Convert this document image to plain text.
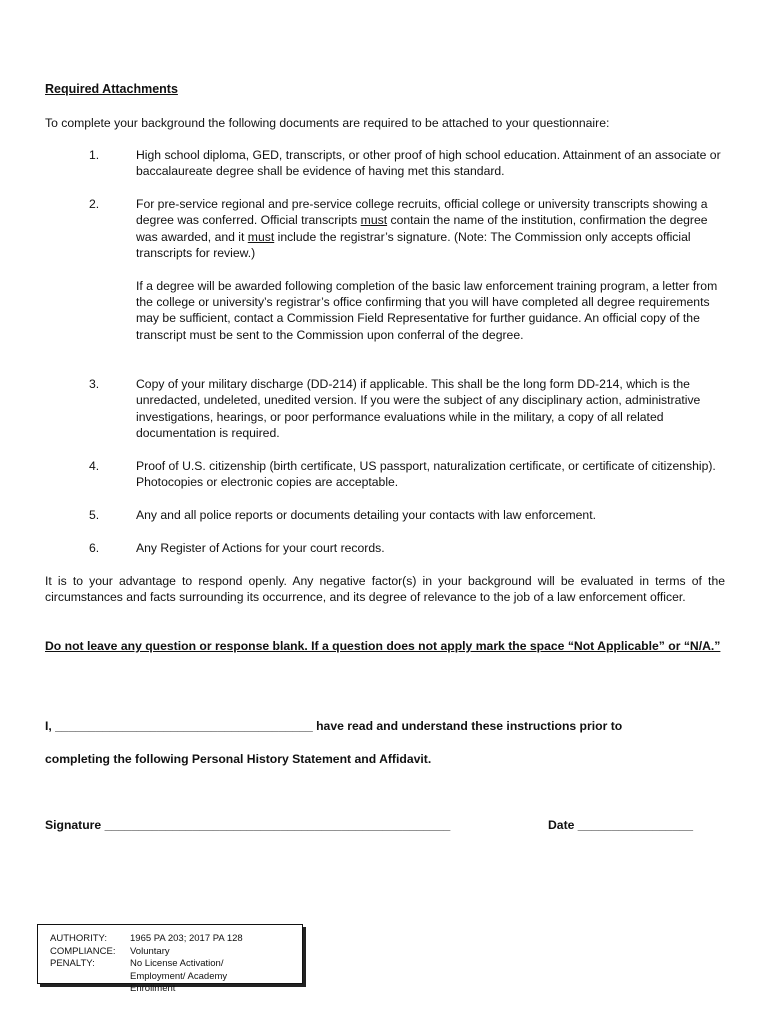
Required Attachments
To complete your background the following documents are required to be attached to your questionnaire:
1.	High school diploma, GED, transcripts, or other proof of high school education. Attainment of an associate or baccalaureate degree shall be evidence of having met this standard.

2.	For pre-service regional and pre-service college recruits, official college or university transcripts showing a degree was conferred. Official transcripts must contain the name of the institution, confirmation the degree was awarded, and it must include the registrar’s signature. (Note: The Commission only accepts official transcripts for review.)

If a degree will be awarded following completion of the basic law enforcement training program, a letter from the college or university’s registrar’s office confirming that you will have completed all degree requirements may be sufficient, contact a Commission Field Representative for further guidance. An official copy of the transcript must be sent to the Commission upon conferral of the degree.

3.	Copy of your military discharge (DD-214) if applicable. This shall be the long form DD-214, which is the unredacted, undeleted, unedited version. If you were the subject of any disciplinary action, administrative investigations, hearings, or poor performance evaluations while in the military, a copy of all related documentation is required.

4.	Proof of U.S. citizenship (birth certificate, US passport, naturalization certificate, or certificate of citizenship). Photocopies or electronic copies are acceptable.

5.	Any and all police reports or documents detailing your contacts with law enforcement.

6.	Any Register of Actions for your court records.

It is to your advantage to respond openly. Any negative factor(s) in your background will be evaluated in terms of the circumstances and facts surrounding its occurrence, and its degree of relevance to the job of a law enforcement officer.
Do not leave any question or response blank. If a question does not apply mark the space “Not Applicable” or “N/A.”
I, ______________________________________ have read and understand these instructions prior to
completing the following Personal History Statement and Affidavit.
Signature ___________________________________________________	Date _________________
AUTHORITY: 1965 PA 203; 2017 PA 128
COMPLIANCE: Voluntary
PENALTY:	No License Activation/ Employment/ Academy Enrollment
